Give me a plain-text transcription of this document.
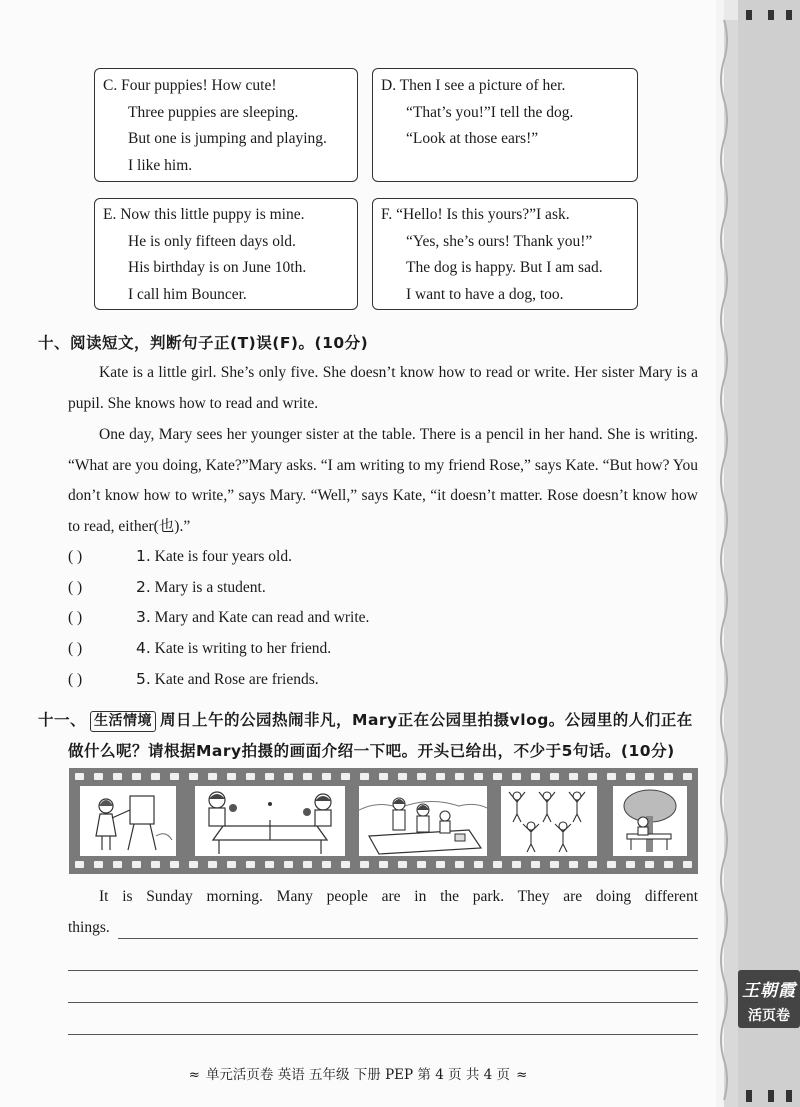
C. Four puppies! How cute!
Three puppies are sleeping.
But one is jumping and playing.
I like him.
D. Then I see a picture of her.
“That’s you!”I tell the dog.
“Look at those ears!”
E. Now this little puppy is mine.
He is only fifteen days old.
His birthday is on June 10th.
I call him Bouncer.
F. “Hello! Is this yours?”I ask.
“Yes, she’s ours! Thank you!”
The dog is happy. But I am sad.
I want to have a dog, too.
十、阅读短文，判断句子正(T)误(F)。(10分)
Kate is a little girl. She’s only five. She doesn’t know how to read or write. Her sister Mary is a pupil. She knows how to read and write.
One day, Mary sees her younger sister at the table. There is a pencil in her hand. She is writing. “What are you doing, Kate?”Mary asks. “I am writing to my friend Rose,” says Kate. “But how? You don’t know how to write,” says Mary. “Well,” says Kate, “it doesn’t matter. Rose doesn’t know how to read, either(也).”
( )	1. Kate is four years old.
( )	2. Mary is a student.
( )	3. Mary and Kate can read and write.
( )	4. Kate is writing to her friend.
( )	5. Kate and Rose are friends.
十一、 生活情境 周日上午的公园热闹非凡，Mary正在公园里拍摄vlog。公园里的人们正在
做什么呢？请根据Mary拍摄的画面介绍一下吧。开头已给出，不少于5句话。(10分)
It is Sunday morning. Many people are in the park. They are doing different
things.
≈ 单元活页卷 英语 五年级 下册 PEP 第 4 页 共 4 页 ≈
王朝霞
活页卷
